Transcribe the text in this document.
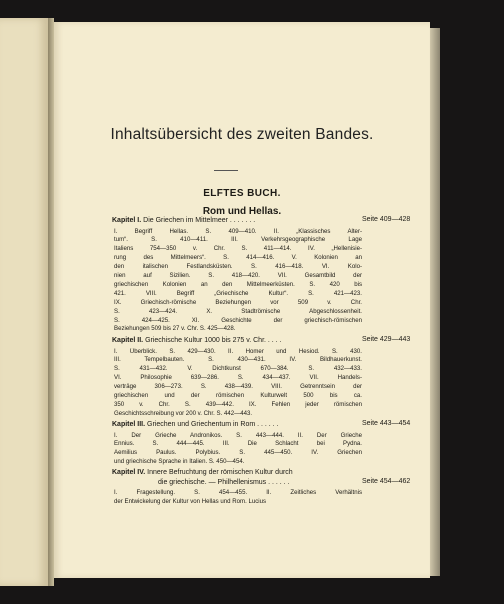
Inhaltsübersicht des zweiten Bandes.
ELFTES BUCH.
Rom und Hellas.
Kapitel I. Die Griechen im Mittelmeer . . . . . . .	Seite 409—428
I. Begriff Hellas. S. 409—410. II. „Klassisches Alter-
tum“. S. 410—411. III. Verkehrsgeographische Lage
Italiens 754—350 v. Chr. S. 411—414. IV. „Hellenisie-
rung des Mittelmeers“. S. 414—416. V. Kolonien an
den italischen Festlandsküsten. S. 416—418. VI. Kolo-
nien auf Sizilien. S. 418—420. VII. Gesamtbild der
griechischen Kolonien an den Mittelmeerküsten. S. 420 bis
421. VIII. Begriff „Griechische Kultur“. S. 421—423.
IX. Griechisch-römische Beziehungen vor 509 v. Chr.
S. 423—424. X. Stadtrömische Abgeschlossenheit.
S. 424—425. XI. Geschichte der griechisch-römischen
Beziehungen 509 bis 27 v. Chr. S. 425—428.
Kapitel II. Griechische Kultur 1000 bis 275 v. Chr. . . . .	Seite 429—443
I. Überblick. S. 429—430. II. Homer und Hesiod. S. 430.
III. Tempelbauten. S. 430—431. IV. Bildhauerkunst.
S. 431—432. V. Dichtkunst 670—384. S. 432—433.
VI. Philosophie 639—286. S. 434—437. VII. Handels-
verträge 306—273. S. 438—439. VIII. Getrenntsein der
griechischen und der römischen Kulturwelt 500 bis ca.
350 v. Chr. S. 439—442. IX. Fehlen jeder römischen
Geschichtsschreibung vor 200 v. Chr. S. 442—443.
Kapitel III. Griechen und Griechentum in Rom . . . . . .	Seite 443—454
I. Der Grieche Andronikos. S. 443—444. II. Der Grieche
Ennius. S. 444—445. III. Die Schlacht bei Pydna.
Aemilius Paulus. Polybius. S. 445—450. IV. Griechen
und griechische Sprache in Italien. S. 450—454.
Kapitel IV. Innere Befruchtung der römischen Kultur durch
die griechische. — Philhellenismus . . . . . .	Seite 454—462
I. Fragestellung. S. 454—455. II. Zeitliches Verhältnis
der Entwickelung der Kultur von Hellas und Rom. Lucius
